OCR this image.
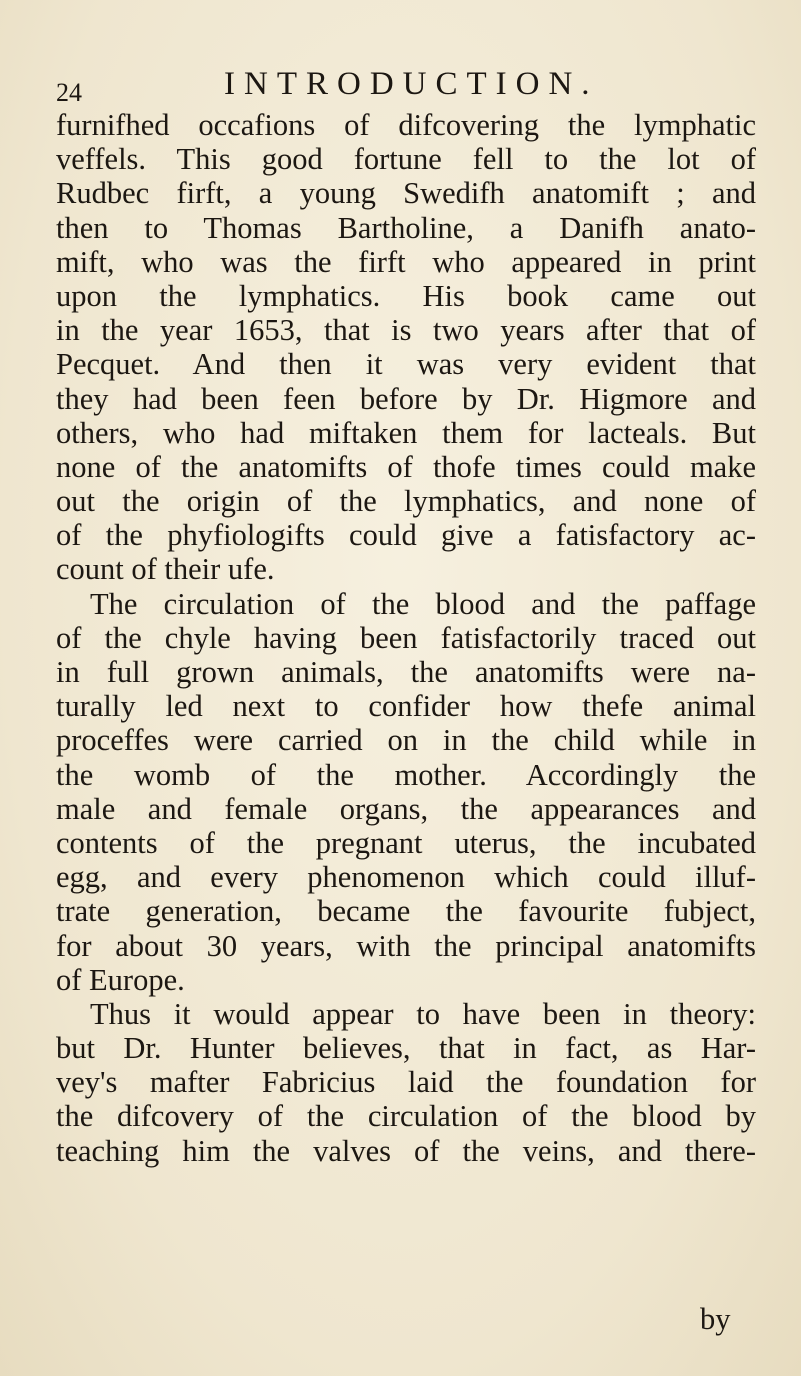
24	INTRODUCTION.
furnifhed occafions of difcovering the lymphatic
veffels. This good fortune fell to the lot of
Rudbec firft, a young Swedifh anatomift ; and
then to Thomas Bartholine, a Danifh anato-
mift, who was the firft who appeared in print
upon the lymphatics. His book came out
in the year 1653, that is two years after that of
Pecquet. And then it was very evident that
they had been feen before by Dr. Higmore and
others, who had miftaken them for lacteals. But
none of the anatomifts of thofe times could make
out the origin of the lymphatics, and none of
of the phyfiologifts could give a fatisfactory ac-
count of their ufe.
The circulation of the blood and the paffage
of the chyle having been fatisfactorily traced out
in full grown animals, the anatomifts were na-
turally led next to confider how thefe animal
proceffes were carried on in the child while in
the womb of the mother. Accordingly the
male and female organs, the appearances and
contents of the pregnant uterus, the incubated
egg, and every phenomenon which could illuf-
trate generation, became the favourite fubject,
for about 30 years, with the principal anatomifts
of Europe.
Thus it would appear to have been in theory:
but Dr. Hunter believes, that in fact, as Har-
vey's mafter Fabricius laid the foundation for
the difcovery of the circulation of the blood by
teaching him the valves of the veins, and there-
by
